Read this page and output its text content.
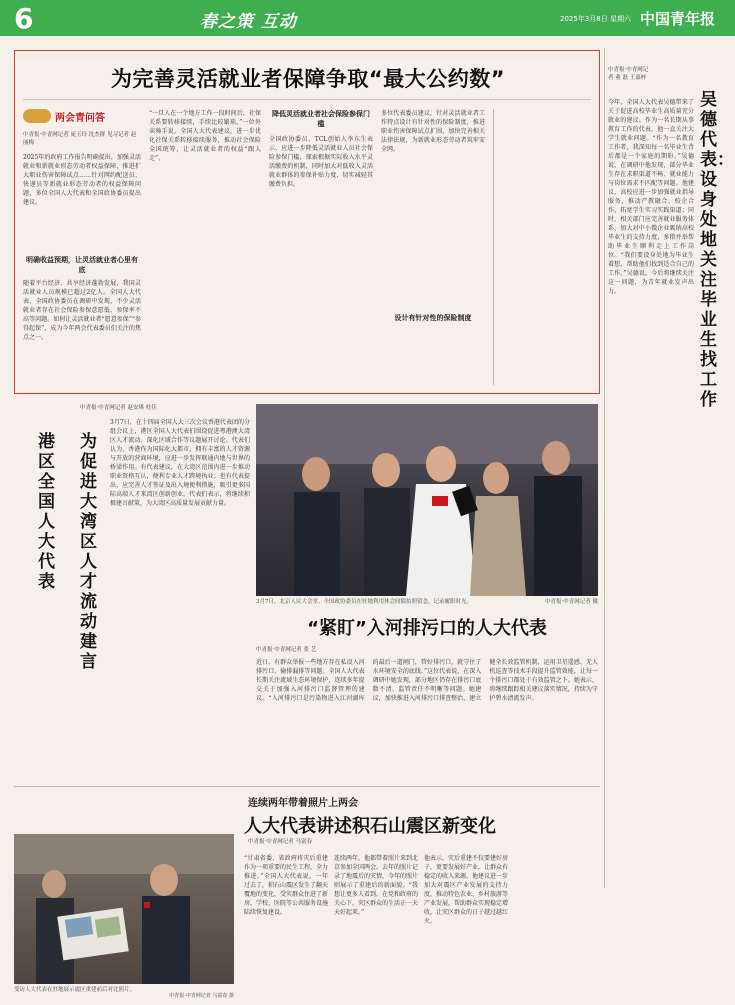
6	春之策 互动	2025年3月8日 星期六 中国青年报
为完善灵活就业者保障争取“最大公约数”
两会青问答
中青报·中青网记者 庞玉玲 沈杰群 见习记者 赵丽梅
2025年的政府工作报告明确提出，加强灵活就业和新就业形态劳动者权益保障，推进扩大职业伤害保障试点……针对网约配送员、快递员等新就业形态劳动者的权益保障问题，多位全国人大代表和全国政协委员提出建议。
明确收益预期，让灵活就业者心里有底
随着平台经济、共享经济蓬勃发展，我国灵活就业人员规模已超过2亿人。全国人大代表、全国政协委员在调研中发现，不少灵活就业者存在社会保险参保意愿低、参保率不高等问题。如何让灵活就业者“愿意参保”“参得起保”，成为今年两会代表委员们关注的焦点之一。
“一旦人在一个地方工作一段时间后，社保关系要转移接续，手续比较繁琐。”一位外卖骑手说。全国人大代表建议，进一步优化社保关系转移接续服务，推动社会保险全国统筹，让灵活就业者的权益“跟人走”。
降低灵活就业者社会保险参保门槛
全国政协委员、TCL创始人李东生表示，应进一步降低灵活就业人员社会保险参保门槛，探索根据实际收入水平灵活缴费的机制，同时加大对低收入灵活就业群体的参保补贴力度，切实减轻其缴费负担。
多位代表委员建议，针对灵活就业者工作特点设计有针对性的保险制度，推进职业伤害保障试点扩围，加快完善相关法律法规，为新就业形态劳动者筑牢安全网。
设计有针对性的保险制度
中青报·中青网记者 董 磊 王嘉梓
吴德代表：设身处地关注毕业生找工作
今年，全国人大代表吴德带来了关于促进高校毕业生高质量充分就业的建议。作为一名长期从事教育工作的代表，他一直关注大学生就业问题。“作为一名教育工作者，我深知每一名毕业生背后都是一个家庭的期盼。”吴德说，在调研中他发现，部分毕业生存在求职渠道不畅、就业能力与岗位需求不匹配等问题。他建议，高校应进一步加强就业指导服务，推动产教融合、校企合作，拓宽学生实习实践渠道；同时，相关部门应完善就业服务体系，加大对中小微企业吸纳高校毕业生的支持力度，多措并举帮助毕业生顺利走上工作岗位。“我们要设身处地为毕业生着想，帮助他们找到适合自己的工作。”吴德说，今后将继续关注这一问题，为青年就业发声出力。
为促进大湾区人才流动建言
港区全国人大代表
中青报·中青网记者 赵安琪 杜佳
3月7日，在十四届全国人大三次会议香港代表团的分组会议上，港区全国人大代表们围绕促进粤港澳大湾区人才流动、深化区域合作等议题展开讨论。代表们认为，香港作为国际化大都市，拥有丰富的人才资源与开放的营商环境，应进一步发挥联通内地与世界的桥梁作用。有代表建议，在大湾区范围内进一步推动职业资格互认，便利专业人才跨境执业；也有代表提出，应完善人才签证及出入境便利措施，吸引更多国际高端人才来湾区创新创业。代表们表示，将继续积极建言献策，为大湾区高质量发展贡献力量。
3月7日，北京人民大会堂。全国政协委员在驻地利用休会间隙拍照留念，记录履职时光。	中青报·中青网记者 摄
“紧盯”入河排污口的人大代表
中青报·中青网记者 张 艺
近日，有群众举报一些地方存在私设入河排污口、偷排漏排等问题。全国人大代表长期关注流域生态环境保护，连续多年提交关于加强入河排污口监督管理的建议。“入河排污口是污染物进入江河湖库的最后一道闸门，管好排污口，就守住了水环境安全的底线。”这位代表说，在深入调研中她发现，部分地区仍存在排污口底数不清、监管责任不明晰等问题。她建议，加快推进入河排污口排查整治，建立健全长效监管机制，运用卫星遥感、无人机巡查等技术手段提升监管效能，让每一个排污口都处于有效监管之下。她表示，将继续跟踪相关建议落实情况，持续为守护碧水清流发声。
连续两年带着照片上两会
人大代表讲述积石山震区新变化
中青报·中青网记者 马富春
受访人大代表在驻地展示震区重建前后对比照片。
中青报·中青网记者 马富春 摄
“甘肃省委、省政府将灾后重建作为一项重要的民生工程，全力推进。”全国人大代表说，一年过去了，积石山震区发生了翻天覆地的变化，受灾群众住进了新房，学校、医院等公共服务设施陆续恢复建设。
连续两年，他都带着照片来到北京参加全国两会。去年的照片记录了地震后的灾情，今年的照片则展示了重建后的新面貌。“我想让更多人看到，在党和政府的关心下，灾区群众的生活正一天天好起来。”
他表示，灾后重建不仅要建好房子，更要发展好产业，让群众有稳定的收入来源。他建议进一步加大对震区产业发展的支持力度，推动特色农业、乡村旅游等产业发展，帮助群众实现稳定增收，让灾区群众的日子越过越红火。
